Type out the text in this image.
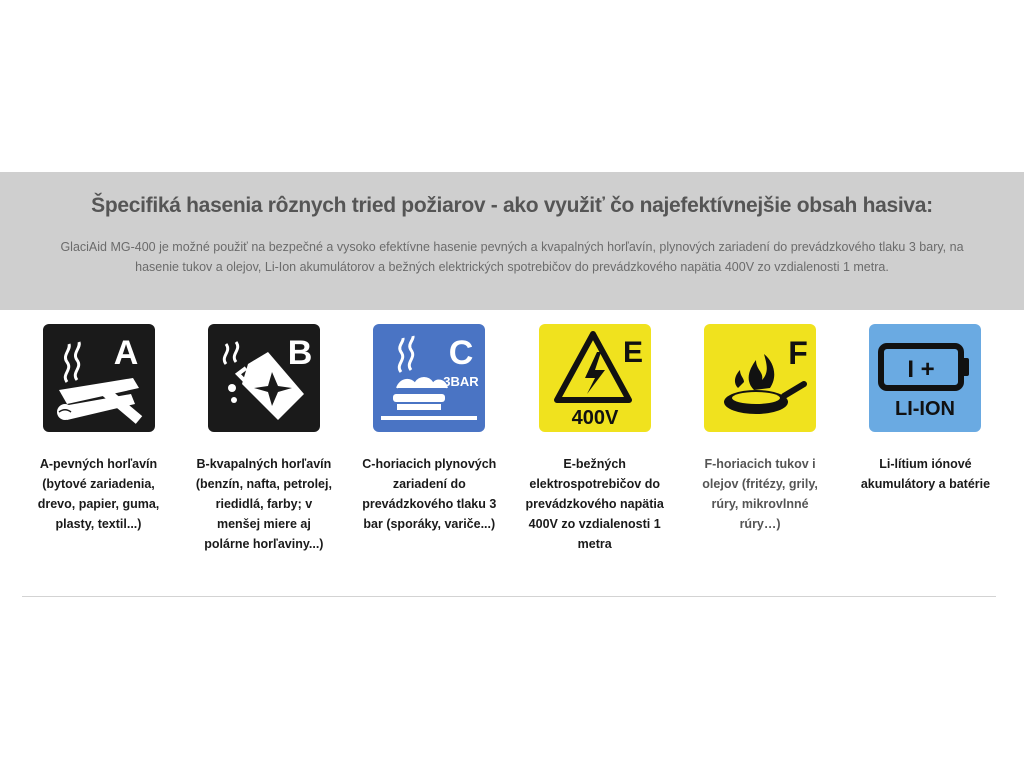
Špecifiká hasenia rôznych tried požiarov - ako využiť čo najefektívnejšie obsah hasiva:

GlaciAid MG-400 je možné použiť na bezpečné a vysoko efektívne hasenie pevných a kvapalných horľavín, plynových zariadení do prevádzkového tlaku 3 bary, na hasenie tukov a olejov, Li-Ion akumulátorov a bežných elektrických spotrebičov do prevádzkového napätia 400V zo vzdialenosti 1 metra.

A
A-pevných horľavín (bytové zariadenia, drevo, papier, guma, plasty, textil...)
B
B-kvapalných horľavín (benzín, nafta, petrolej, riedidlá, farby; v menšej miere aj polárne horľaviny...)
C
3BAR
C-horiacich plynových zariadení do prevádzkového tlaku 3 bar (sporáky, variče...)
E
400V
E-bežných elektrospotrebičov do prevádzkového napätia 400V zo vzdialenosti 1 metra
F
F-horiacich tukov i olejov (fritézy, grily, rúry, mikrovlnné rúry…)
I +
LI-ION
Li-lítium iónové akumulátory a batérie
